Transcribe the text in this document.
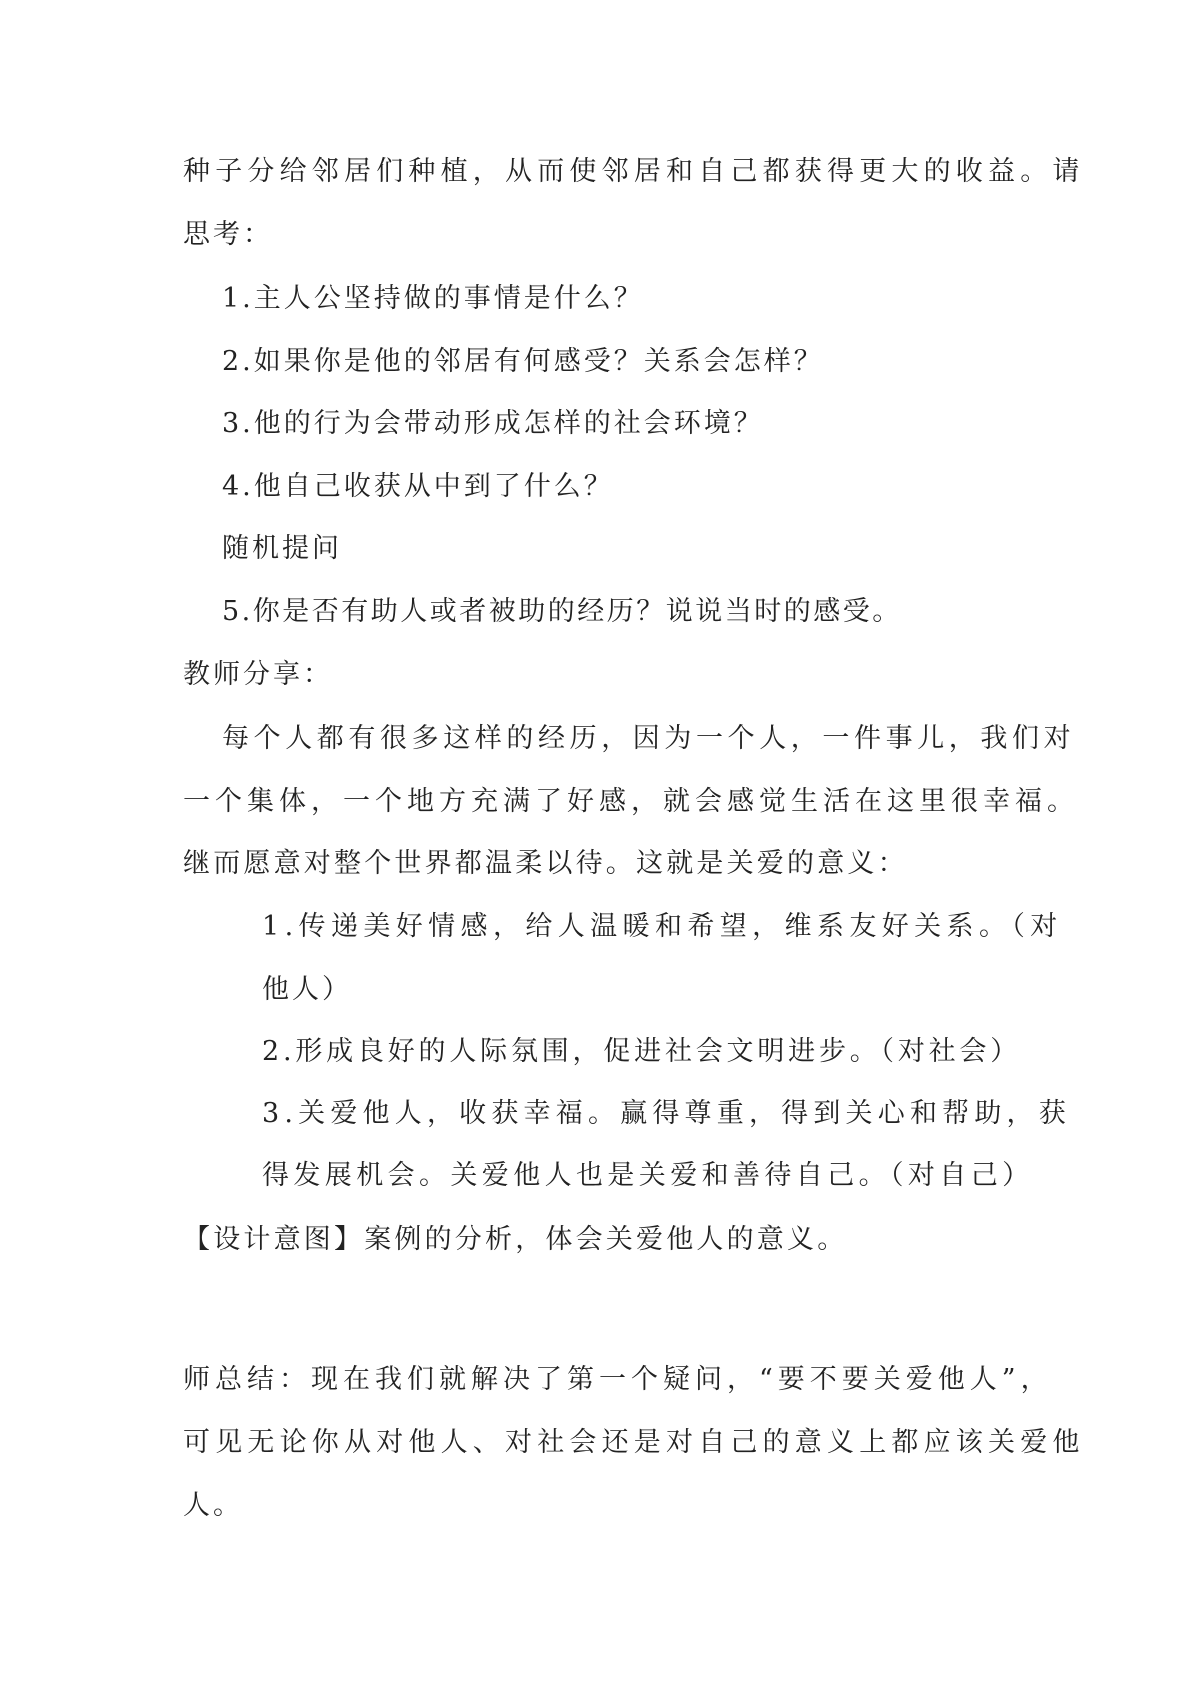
种子分给邻居们种植，从而使邻居和自己都获得更大的收益。请

思考：

1.主人公坚持做的事情是什么？

2.如果你是他的邻居有何感受？关系会怎样？

3.他的行为会带动形成怎样的社会环境？

4.他自己收获从中到了什么？

随机提问

5.你是否有助人或者被助的经历？说说当时的感受。

教师分享：

每个人都有很多这样的经历，因为一个人，一件事儿，我们对

一个集体，一个地方充满了好感，就会感觉生活在这里很幸福。

继而愿意对整个世界都温柔以待。这就是关爱的意义：

1.传递美好情感，给人温暖和希望，维系友好关系。（对

他人）

2.形成良好的人际氛围，促进社会文明进步。（对社会）

3.关爱他人，收获幸福。赢得尊重，得到关心和帮助，获

得发展机会。关爱他人也是关爱和善待自己。（对自己）

【设计意图】案例的分析，体会关爱他人的意义。

师总结：现在我们就解决了第一个疑问，“要不要关爱他人”，

可见无论你从对他人、对社会还是对自己的意义上都应该关爱他

人。
